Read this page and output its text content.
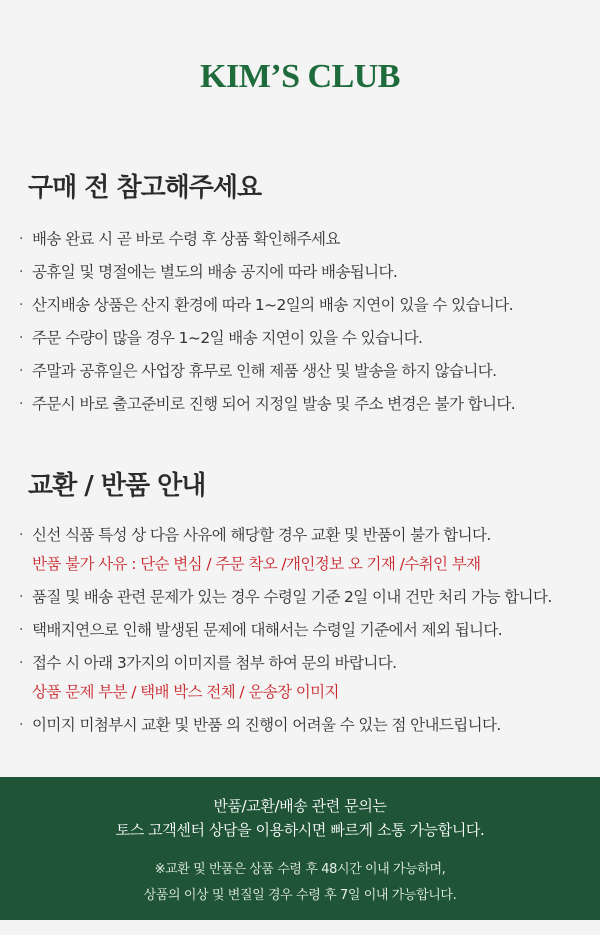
KIM’S CLUB
구매 전 참고해주세요
· 배송 완료 시 곧 바로 수령 후 상품 확인해주세요
· 공휴일 및 명절에는 별도의 배송 공지에 따라 배송됩니다.
· 산지배송 상품은 산지 환경에 따라 1~2일의 배송 지연이 있을 수 있습니다.
· 주문 수량이 많을 경우 1~2일 배송 지연이 있을 수 있습니다.
· 주말과 공휴일은 사업장 휴무로 인해 제품 생산 및 발송을 하지 않습니다.
· 주문시 바로 출고준비로 진행 되어 지정일 발송 및 주소 변경은 불가 합니다.
교환 / 반품 안내
· 신선 식품 특성 상 다음 사유에 해당할 경우 교환 및 반품이 불가 합니다.
반품 불가 사유 : 단순 변심 / 주문 착오 /개인정보 오 기재 /수취인 부재
· 품질 및 배송 관련 문제가 있는 경우 수령일 기준 2일 이내 건만 처리 가능 합니다.
· 택배지연으로 인해 발생된 문제에 대해서는 수령일 기준에서 제외 됩니다.
· 접수 시 아래 3가지의 이미지를 첨부 하여 문의 바랍니다.
상품 문제 부분 / 택배 박스 전체 / 운송장 이미지
· 이미지 미첨부시 교환 및 반품 의 진행이 어려울 수 있는 점 안내드립니다.
반품/교환/배송 관련 문의는
토스 고객센터 상담을 이용하시면 빠르게 소통 가능합니다.
※교환 및 반품은 상품 수령 후 48시간 이내 가능하며,
상품의 이상 및 변질일 경우 수령 후 7일 이내 가능합니다.
